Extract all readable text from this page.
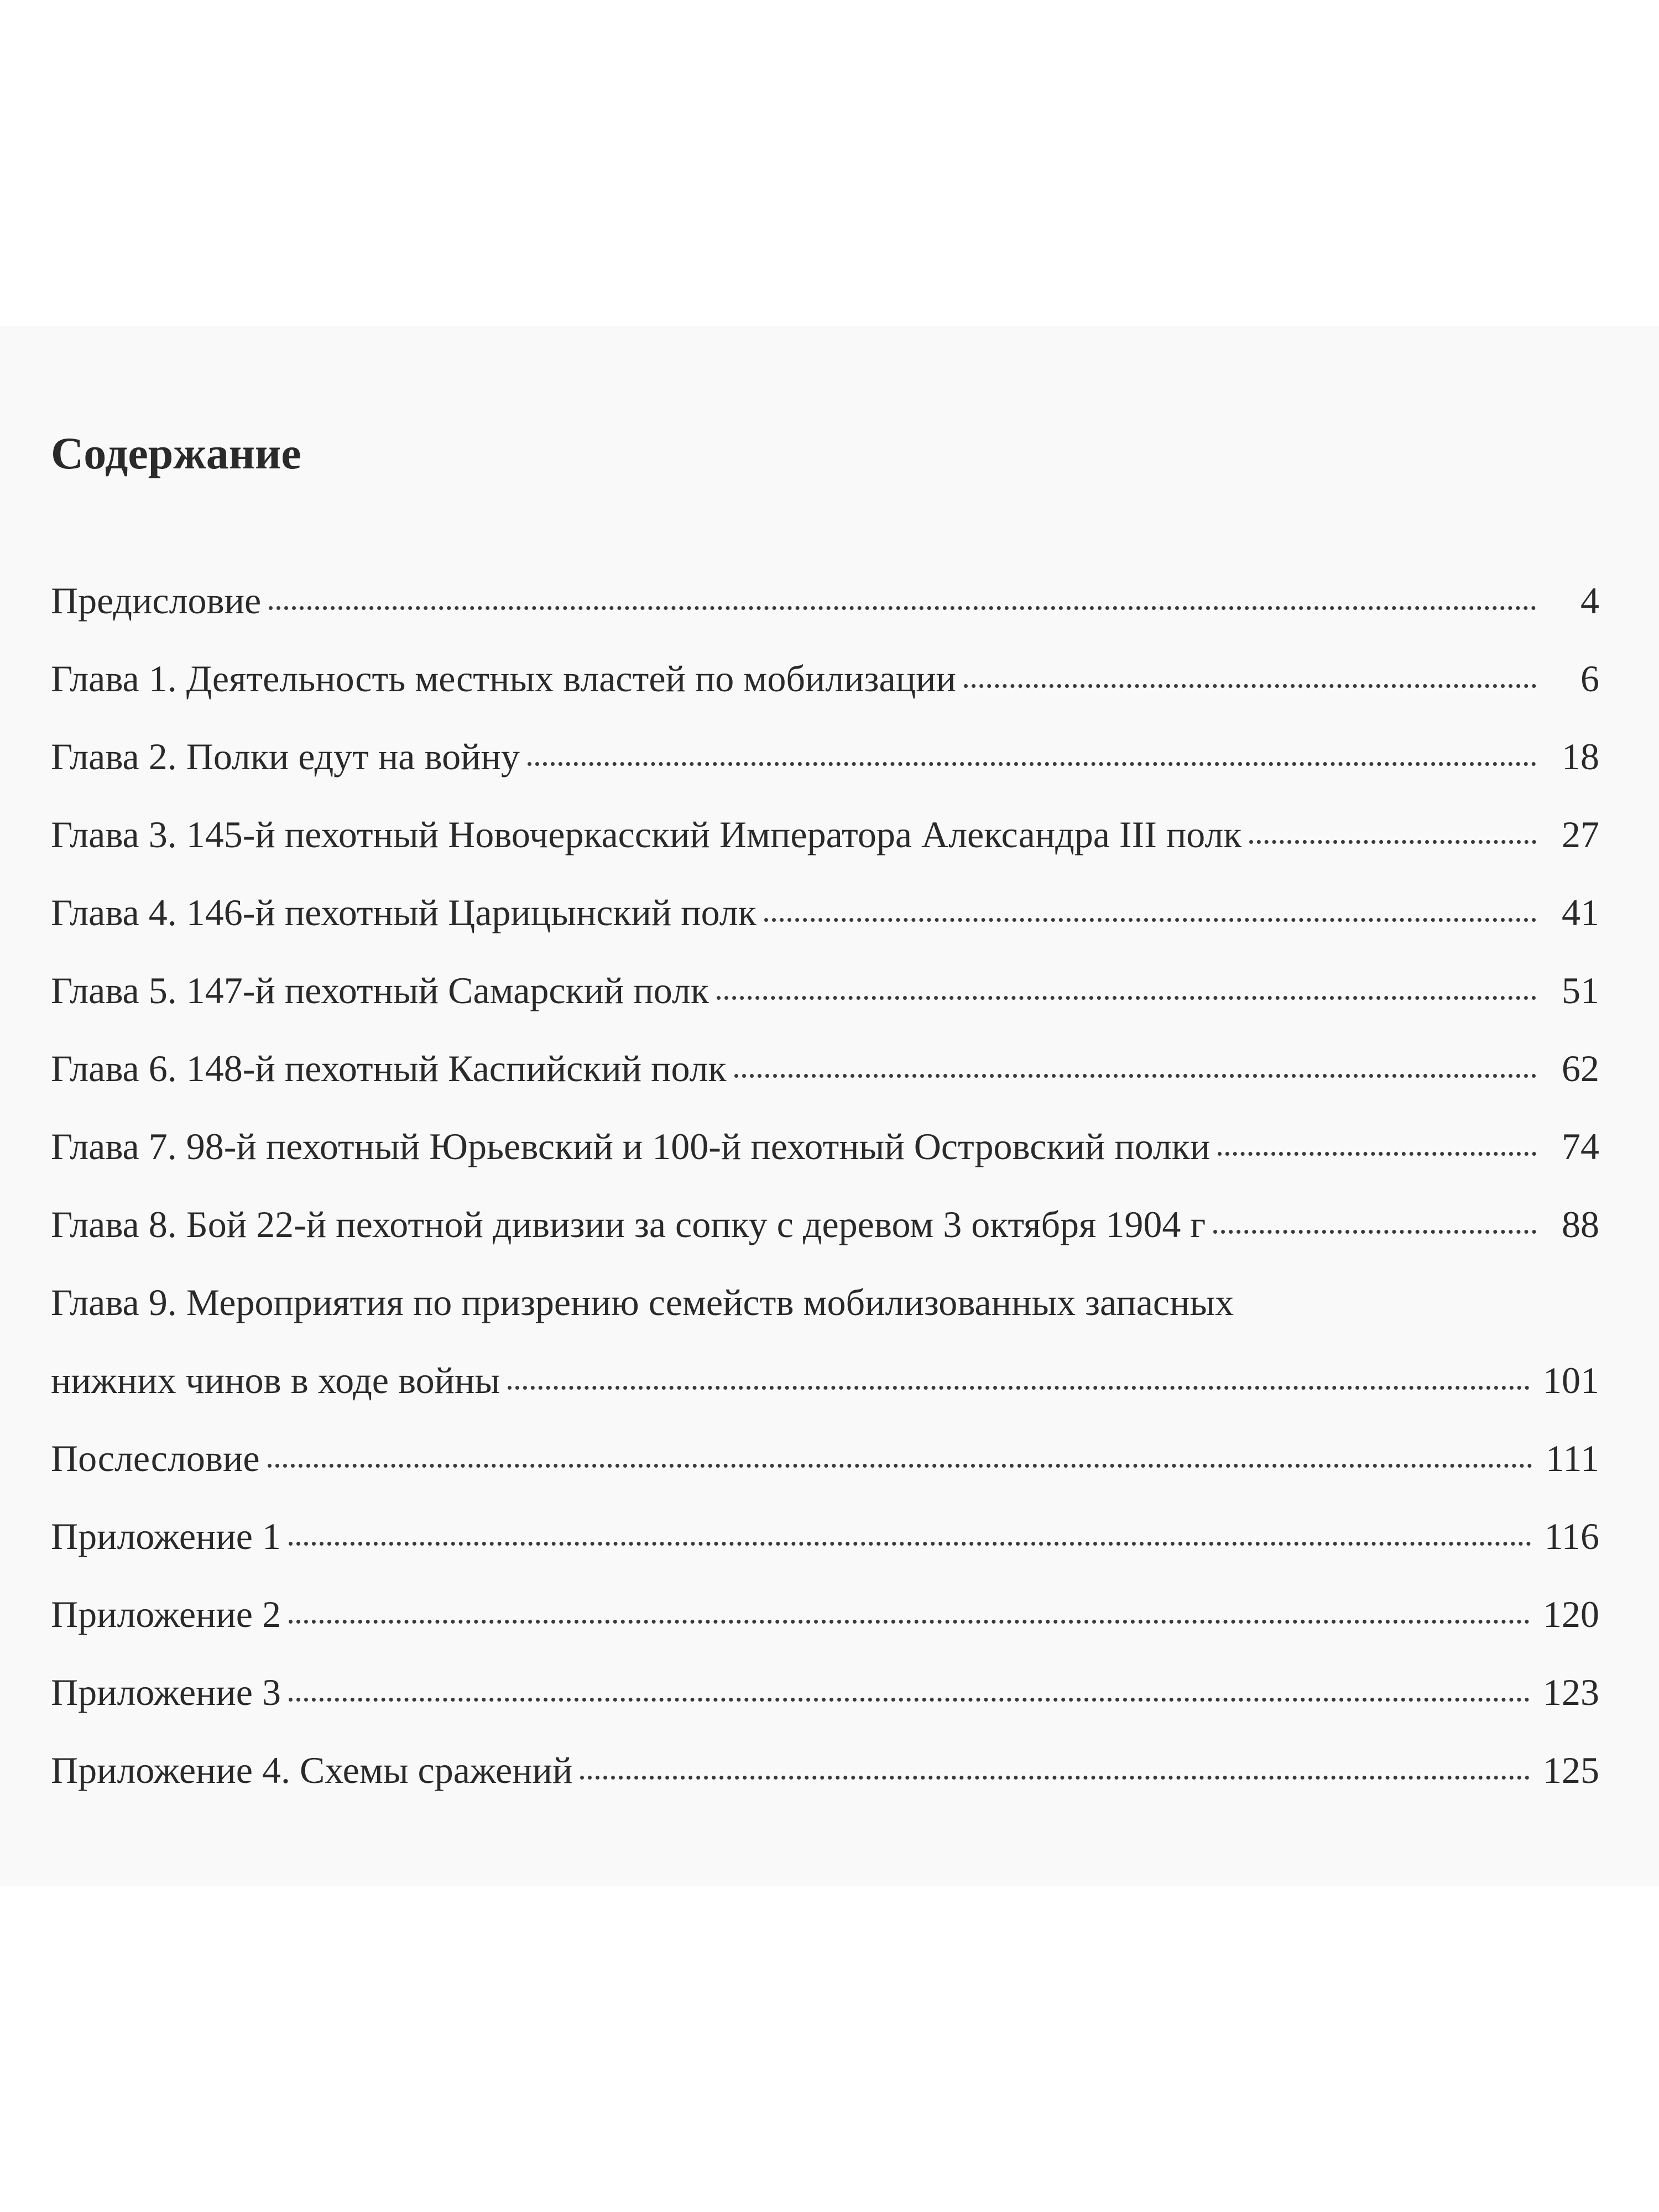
Содержание
Предисловие	4
Глава 1. Деятельность местных властей по мобилизации	6
Глава 2. Полки едут на войну	18
Глава 3. 145-й пехотный Новочеркасский Императора Александра III полк	27
Глава 4. 146-й пехотный Царицынский полк	41
Глава 5. 147-й пехотный Самарский полк	51
Глава 6. 148-й пехотный Каспийский полк	62
Глава 7. 98-й пехотный Юрьевский и 100-й пехотный Островский полки	74
Глава 8. Бой 22-й пехотной дивизии за сопку с деревом 3 октября 1904 г	88
Глава 9. Мероприятия по призрению семейств мобилизованных запасных
нижних чинов в ходе войны	101
Послесловие	111
Приложение 1	116
Приложение 2	120
Приложение 3	123
Приложение 4. Схемы сражений	125
